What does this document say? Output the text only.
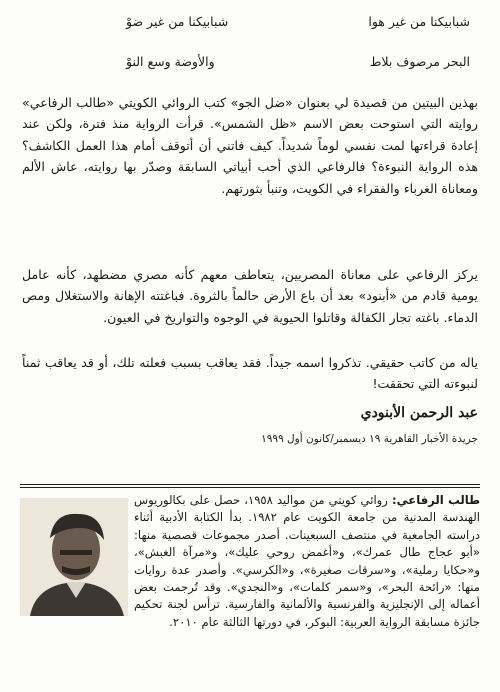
شبابيكنا من غير هوا
شبابيكنا من غير ضوْ
البحر مرصوف بلاط
والأوضة وسع النوْ

بهذين البيتين من قصيدة لي بعنوان «ضل الجو» كتب الروائي الكويتي «طالب الرفاعي» روايته التي استوحت بعض الاسم «ظل الشمس». قرأت الرواية منذ فترة، ولكن عند إعادة قراءتها لمت نفسي لوماً شديداً. كيف فاتني أن أتوقف أمام هذا العمل الكاشف؟ هذه الرواية النبوءة؟ فالرفاعي الذي أحب أبياتي السابقة وصدّر بها روايته، عاش الألم ومعاناة الغرباء والفقراء في الكويت، وتنبأ بثورتهم.

يركز الرفاعي على معاناة المصريين، يتعاطف معهم كأنه مصري مضطهد، كأنه عامل يومية قادم من «أبنود» بعد أن باع الأرض حالماً بالثروة. فباغتته الإهانة والاستغلال ومص الدماء. باغته تجار الكفالة وقاتلوا الحيوية في الوجوه والتواريخ في العيون.

ياله من كاتب حقيقي. تذكروا اسمه جيداً. فقد يعاقب بسبب فعلته تلك، أو قد يعاقب ثمناً لنبوءته التي تحققت!

عبد الرحمن الأبنودي
جريدة الأخبار القاهرية ١٩ ديسمبر/كانون أول ١٩٩٩

طالب الرفاعي: روائي كويتي من مواليد ١٩٥٨، حصل على بكالوريوس الهندسة المدنية من جامعة الكويت عام ١٩٨٢. بدأ الكتابة الأدبية أثناء دراسته الجامعية في منتصف السبعينات. أصدر مجموعات قصصية منها: «أبو عجاج طال عمرك»، و«أغمض روحي عليك»، و«مرآة الغبش»، و«حكايا رملية»، و«سرقات صغيرة»، و«الكرسي». وأصدر عدة روايات منها: «رائحة البحر»، و«سمر كلمات»، و«النجدي». وقد تُرجمت بعض أعماله إلى الإنجليزية والفرنسية والألمانية والفارسية. ترأس لجنة تحكيم جائزة مسابقة الرواية العربية: البوكر، في دورتها الثالثة عام ٢٠١٠.
